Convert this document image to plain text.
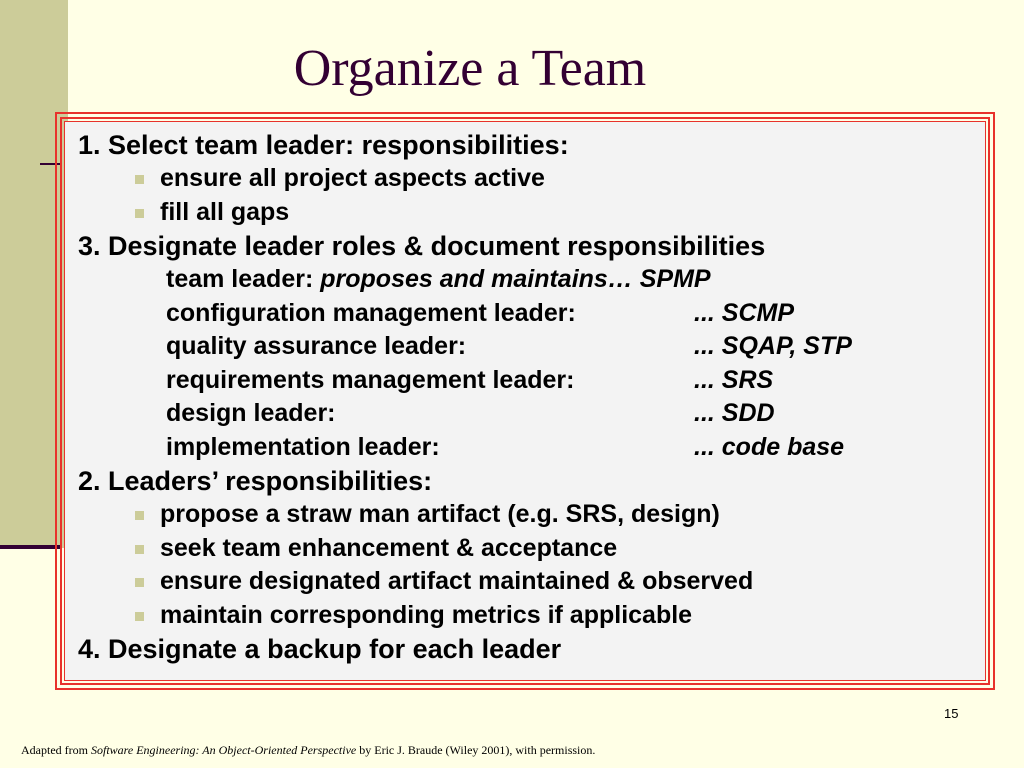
Organize a Team
1. Select team leader: responsibilities:
ensure all project aspects active
fill all gaps
3. Designate leader roles & document responsibilities
team leader: proposes and maintains… SPMP
configuration management leader:	... SCMP
quality assurance leader:	... SQAP, STP
requirements management leader:	... SRS
design leader:	... SDD
implementation leader:	... code base
2. Leaders’ responsibilities:
propose a straw man artifact (e.g. SRS, design)
seek team enhancement & acceptance
ensure designated artifact maintained & observed
maintain corresponding metrics if applicable
4. Designate a backup for each leader
15
Adapted from Software Engineering: An Object-Oriented Perspective by Eric J. Braude (Wiley 2001), with permission.
